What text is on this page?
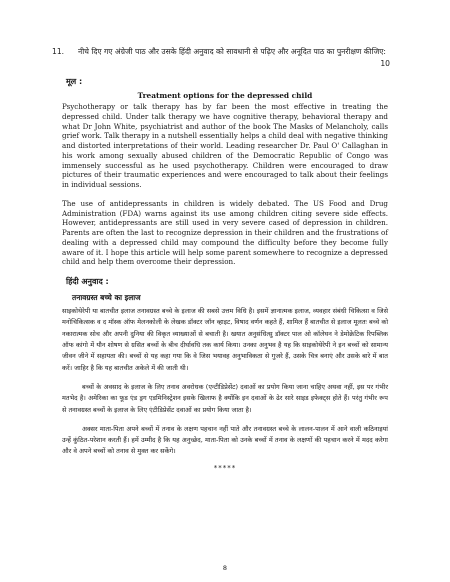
11.	नीचे दिए गए अंग्रेजी पाठ और उसके हिंदी अनुवाद को सावधानी से पढ़िए और अनूदित पाठ का पुनरीक्षण कीजिए:
10
मूल :
Treatment options for the depressed child

Psychotherapy or talk therapy has by far been the most effective in treating the depressed child. Under talk therapy we have cognitive therapy, behavioral therapy and what Dr John White, psychiatrist and author of the book The Masks of Melancholy, calls grief work. Talk therapy in a nutshell essentially helps a child deal with negative thinking and distorted interpretations of their world. Leading researcher Dr. Paul O' Callaghan in his work among sexually abused children of the Democratic Republic of Congo was immensely successful as he used psychotherapy. Children were encouraged to draw pictures of their traumatic experiences and were encouraged to talk about their feelings in individual sessions.

The use of antidepressants in children is widely debated. The US Food and Drug Administration (FDA) warns against its use among children citing severe side effects. However, antidepressants are still used in very severe cased of depression in children. Parents are often the last to recognize depression in their children and the frustrations of dealing with a depressed child may compound the difficulty before they become fully aware of it. I hope this article will help some parent somewhere to recognize a depressed child and help them overcome their depression.

हिंदी अनुवाद :
तनावग्रस्त बच्चे का इलाज

साइकोथेरेपी या बातचीत इलाज तनावग्रस्त बच्चे के इलाज की सबसे उत्तम विधि है। इसमें ज्ञानात्मक इलाज, व्यवहार संबंधी चिकित्सा व जिसे मनोचिकित्सक व द मॉस्क ऑफ मेलनकोली के लेखक डॉक्टर जॉन व्हाइट, विषाद वर्णन कहते हैं, शामिल हैं बातचीत से इलाज मूलतः बच्चे को नकारात्मक सोच और अपनी दुनिया की विकृत व्याख्याओं से बचाती है। खयात अनुसंधित्सु डॉक्टर पाल ओ कॉलेघन ने डेमोक्रेटिक रिपब्लिक ऑफ कांगो में यौन शोषण से ग्रसित बच्चों के बीच दीर्घावधि तक कार्य किया। उनका अनुभव है यह कि साइकोथेरेपी ने इन बच्चों को सामान्य जीवन जीने में सहायता की। बच्चों से यह कहा गया कि वे जिस भयावह अनुभाविकता से गुजरे हैं, उसके चित्र बनाएं और उसके बारे में बात करें। जाहिर है कि यह बातचीत अकेले में की जाती थी।

बच्चों के अवसाद के इलाज के लिए तनाव अवरोधक (एन्टीडिप्रेसेंट) दवाओं का प्रयोग किया जाना चाहिए अथवा नहीं, इस पर गंभीर मतभेद है। अमेरिका का फूड एंड ड्रग एडमिनिस्ट्रेशन इसके खिलाफ है क्योंकि इन दवाओं के ढेर सारे साइड इफेक्ट्स होते हैं। परंतु गंभीर रूप से तनावग्रस्त बच्चों के इलाज के लिए एंटीडिप्रेसेंट दवाओं का प्रयोग किया जाता है।

अक्सर माता-पिता अपने बच्चों में तनाव के लक्षण पहचान नहीं पाते और तनावग्रस्त बच्चे के लालन-पालन में आने वाली कठिनाइयां उन्हें कुंठित-परेशान करती हैं। हमें उम्मीद है कि यह अनुच्छेद, माता-पिता को उनके बच्चों में तनाव के लक्षणों की पहचान करने में मदद करेगा और वे अपने बच्चों को तनाव से मुक्त कर सकेंगे।

*****
8
